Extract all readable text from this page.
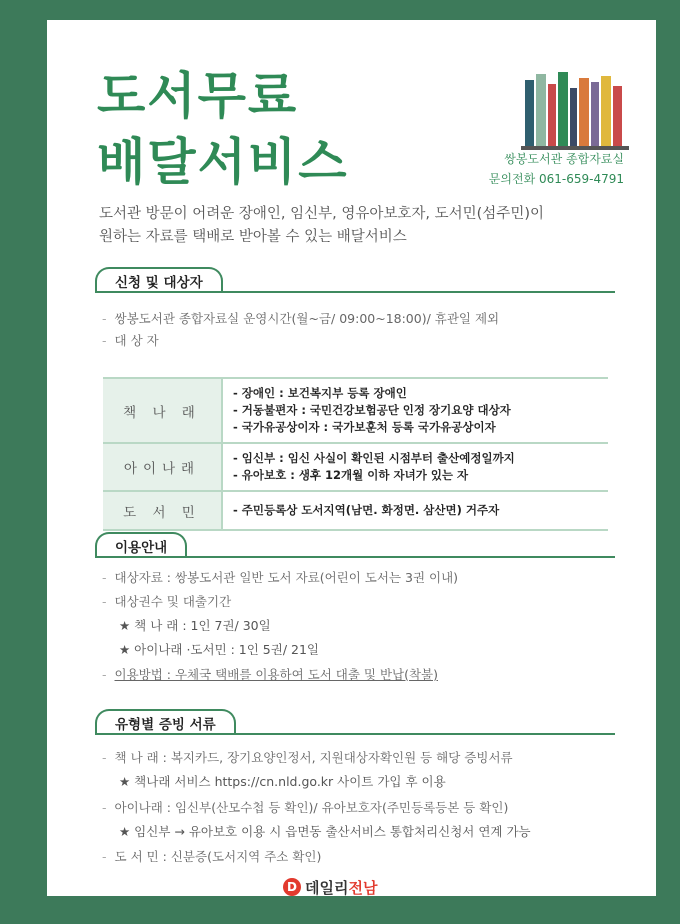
도서무료
배달서비스	쌍봉도서관 종합자료실
문의전화 061-659-4791
도서관 방문이 어려운 장애인, 임신부, 영유아보호자, 도서민(섬주민)이
원하는 자료를 택배로 받아볼 수 있는 배달서비스
신청 및 대상자
- 쌍봉도서관 종합자료실 운영시간(월~금/ 09:00~18:00)/ 휴관일 제외
- 대 상 자
책 나 래	- 장애인 : 보건복지부 등록 장애인
- 거동불편자 : 국민건강보험공단 인정 장기요양 대상자
- 국가유공상이자 : 국가보훈처 등록 국가유공상이자

아이나래	- 임신부 : 임신 사실이 확인된 시점부터 출산예정일까지
- 유아보호 : 생후 12개월 이하 자녀가 있는 자

도 서 민	- 주민등록상 도서지역(남면. 화정면. 삼산면) 거주자
이용안내
- 대상자료 : 쌍봉도서관 일반 도서 자료(어린이 도서는 3권 이내)
- 대상권수 및 대출기간
★ 책 나 래 : 1인 7권/ 30일
★ 아이나래 ·도서민 : 1인 5권/ 21일
- 이용방법 : 우체국 택배를 이용하여 도서 대출 및 반납(착불)
유형별 증빙 서류
- 책 나 래 : 복지카드, 장기요양인정서, 지원대상자확인원 등 해당 증빙서류
★ 책나래 서비스 https://cn.nld.go.kr 사이트 가입 후 이용
- 아이나래 : 임신부(산모수첩 등 확인)/ 유아보호자(주민등록등본 등 확인)
★ 임신부 → 유아보호 이용 시 읍면동 출산서비스 통합처리신청서 연계 가능
- 도 서 민 : 신분증(도서지역 주소 확인)
D 데일리 전남
